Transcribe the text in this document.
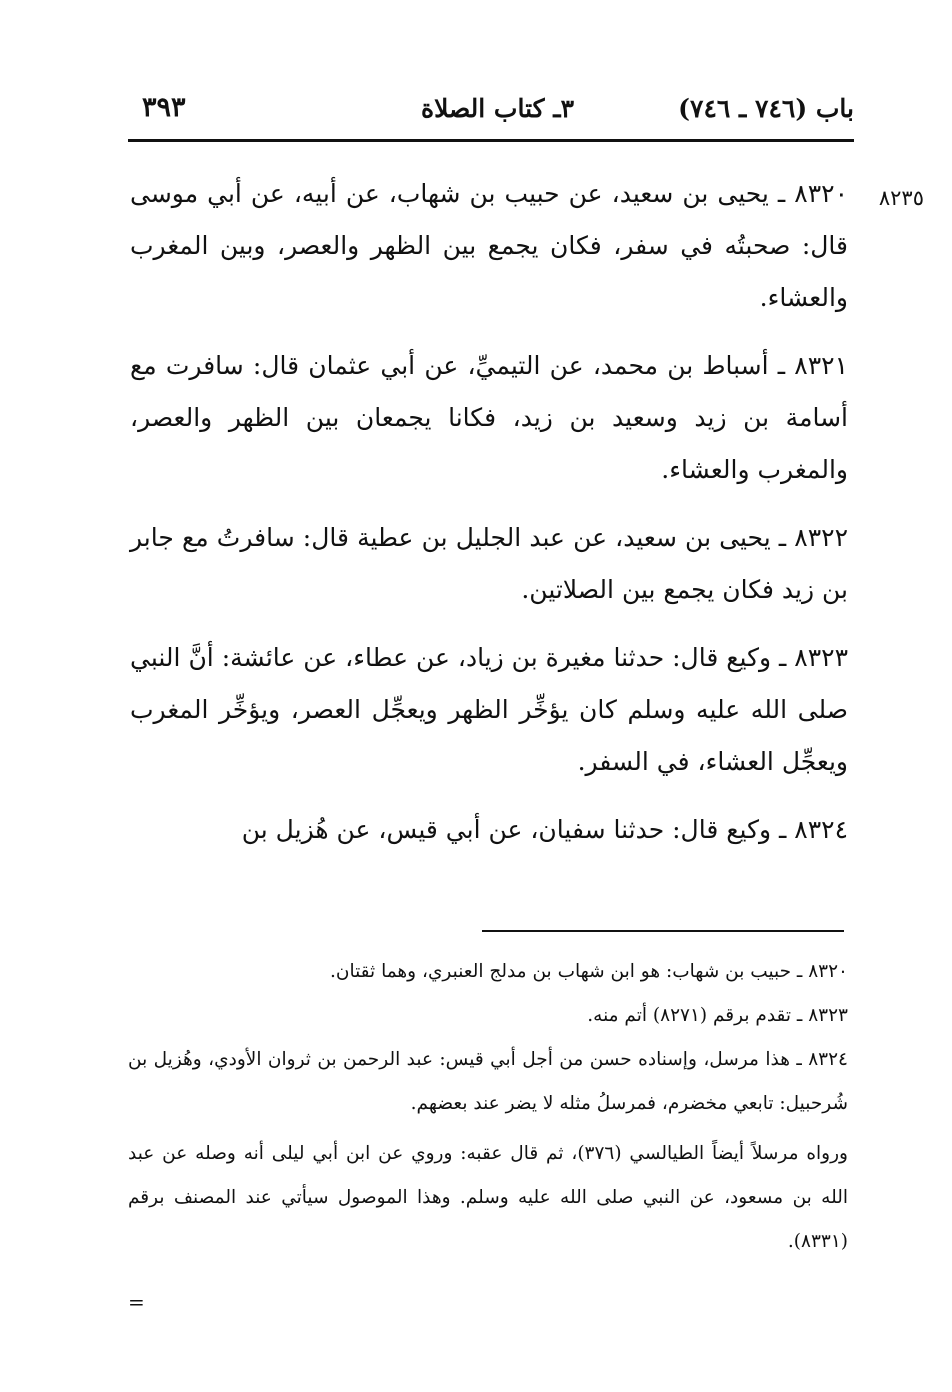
باب (٧٤٦ ـ ٧٤٦)
٣ـ كتاب الصلاة
٣٩٣
٨٢٣٥

٨٣٢٠ ـ يحيى بن سعيد، عن حبيب بن شهاب، عن أبيه، عن أبي موسى قال: صحبتُه في سفر، فكان يجمع بين الظهر والعصر، وبين المغرب والعشاء.

٨٣٢١ ـ أسباط بن محمد، عن التيميِّ، عن أبي عثمان قال: سافرت مع أسامة بن زيد وسعيد بن زيد، فكانا يجمعان بين الظهر والعصر، والمغرب والعشاء.

٨٣٢٢ ـ يحيى بن سعيد، عن عبد الجليل بن عطية قال: سافرتُ مع جابر بن زيد فكان يجمع بين الصلاتين.

٨٣٢٣ ـ وكيع قال: حدثنا مغيرة بن زياد، عن عطاء، عن عائشة: أنَّ النبي صلى الله عليه وسلم كان يؤخِّر الظهر ويعجِّل العصر، ويؤخِّر المغرب ويعجِّل العشاء، في السفر.

٨٣٢٤ ـ وكيع قال: حدثنا سفيان، عن أبي قيس، عن هُزيل بن

٨٣٢٠ ـ حبيب بن شهاب: هو ابن شهاب بن مدلج العنبري، وهما ثقتان.

٨٣٢٣ ـ تقدم برقم (٨٢٧١) أتم منه.

٨٣٢٤ ـ هذا مرسل، وإسناده حسن من أجل أبي قيس: عبد الرحمن بن ثروان الأودي، وهُزيل بن شُرحبيل: تابعي مخضرم، فمرسلُ مثله لا يضر عند بعضهم.

ورواه مرسلاً أيضاً الطيالسي (٣٧٦)، ثم قال عقبه: وروي عن ابن أبي ليلى أنه وصله عن عبد الله بن مسعود، عن النبي صلى الله عليه وسلم. وهذا الموصول سيأتي عند المصنف برقم (٨٣٣١).

=
